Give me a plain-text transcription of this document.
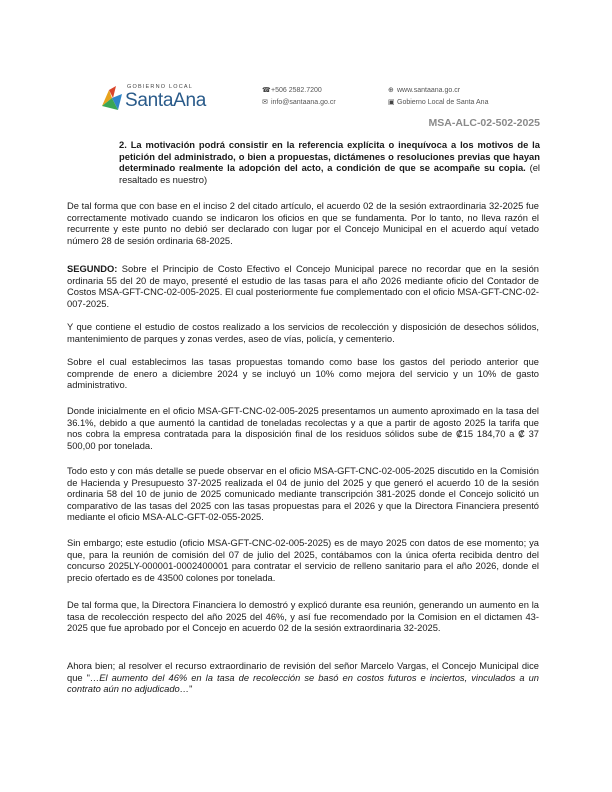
GOBIERNO LOCAL
SantaAna	☎+506 2582.7200
✉ info@santaana.go.cr
⊕ www.santaana.go.cr
▣ Gobierno Local de Santa Ana
MSA-ALC-02-502-2025
2. La motivación podrá consistir en la referencia explícita o inequívoca a los motivos de la petición del administrado, o bien a propuestas, dictámenes o resoluciones previas que hayan determinado realmente la adopción del acto, a condición de que se acompañe su copia. (el resaltado es nuestro)
De tal forma que con base en el inciso 2 del citado artículo, el acuerdo 02 de la sesión extraordinaria 32-2025 fue correctamente motivado cuando se indicaron los oficios en que se fundamenta. Por lo tanto, no lleva razón el recurrente y este punto no debió ser declarado con lugar por el Concejo Municipal en el acuerdo aquí vetado número 28 de sesión ordinaria 68-2025.
SEGUNDO: Sobre el Principio de Costo Efectivo el Concejo Municipal parece no recordar que en la sesión ordinaria 55 del 20 de mayo, presenté el estudio de las tasas para el año 2026 mediante oficio del Contador de Costos MSA-GFT-CNC-02-005-2025. El cual posteriormente fue complementado con el oficio MSA-GFT-CNC-02-007-2025.
Y que contiene el estudio de costos realizado a los servicios de recolección y disposición de desechos sólidos, mantenimiento de parques y zonas verdes, aseo de vías, policía, y cementerio.
Sobre el cual establecimos las tasas propuestas tomando como base los gastos del periodo anterior que comprende de enero a diciembre 2024 y se incluyó un 10% como mejora del servicio y un 10% de gasto administrativo.
Donde inicialmente en el oficio MSA-GFT-CNC-02-005-2025 presentamos un aumento aproximado en la tasa del 36.1%, debido a que aumentó la cantidad de toneladas recolectas y a que a partir de agosto 2025 la tarifa que nos cobra la empresa contratada para la disposición final de los residuos sólidos sube de ₡15 184,70 a ₡ 37 500,00 por tonelada.
Todo esto y con más detalle se puede observar en el oficio MSA-GFT-CNC-02-005-2025 discutido en la Comisión de Hacienda y Presupuesto 37-2025 realizada el 04 de junio del 2025 y que generó el acuerdo 10 de la sesión ordinaria 58 del 10 de junio de 2025 comunicado mediante transcripción 381-2025 donde el Concejo solicitó un comparativo de las tasas del 2025 con las tasas propuestas para el 2026 y que la Directora Financiera presentó mediante el oficio MSA-ALC-GFT-02-055-2025.
Sin embargo; este estudio (oficio MSA-GFT-CNC-02-005-2025) es de mayo 2025 con datos de ese momento; ya que, para la reunión de comisión del 07 de julio del 2025, contábamos con la única oferta recibida dentro del concurso 2025LY-000001-0002400001 para contratar el servicio de relleno sanitario para el año 2026, donde el precio ofertado es de 43500 colones por tonelada.
De tal forma que, la Directora Financiera lo demostró y explicó durante esa reunión, generando un aumento en la tasa de recolección respecto del año 2025 del 46%, y así fue recomendado por la Comision en el dictamen 43-2025 que fue aprobado por el Concejo en acuerdo 02 de la sesión extraordinaria 32-2025.
Ahora bien; al resolver el recurso extraordinario de revisión del señor Marcelo Vargas, el Concejo Municipal dice que "…El aumento del 46% en la tasa de recolección se basó en costos futuros e inciertos, vinculados a un contrato aún no adjudicado…"
